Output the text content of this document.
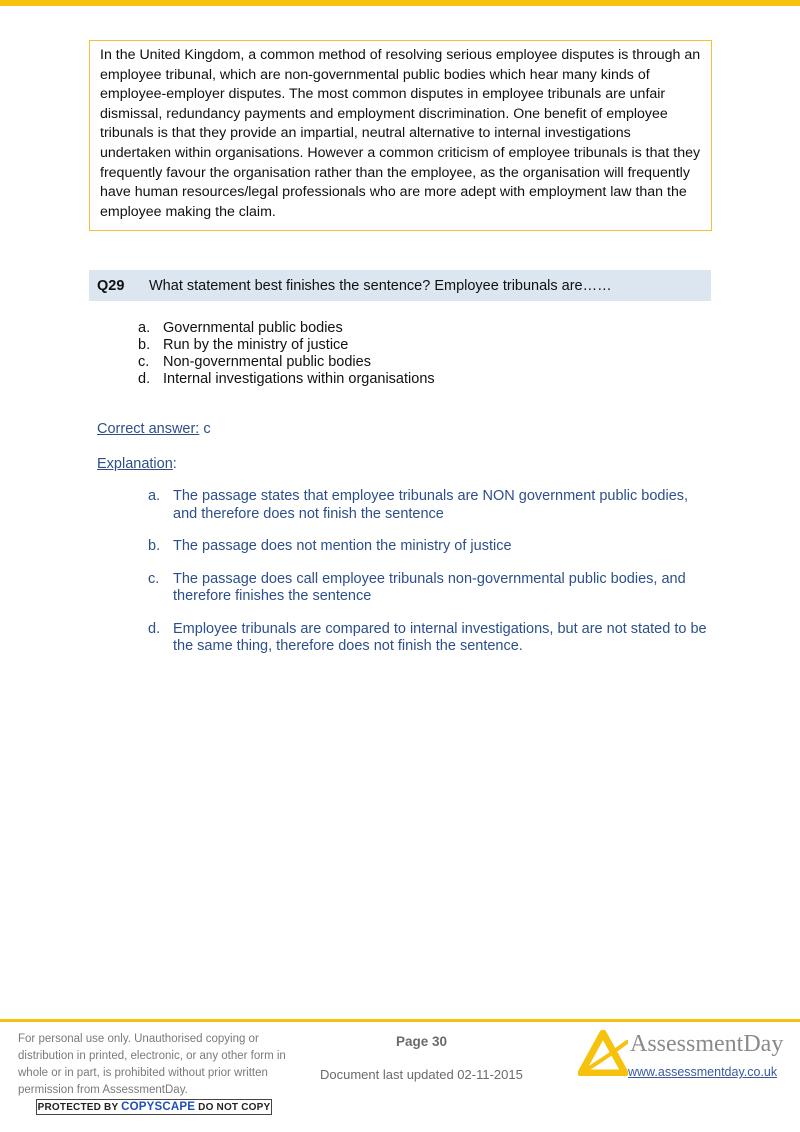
In the United Kingdom, a common method of resolving serious employee disputes is through an employee tribunal, which are non-governmental public bodies which hear many kinds of employee-employer disputes. The most common disputes in employee tribunals are unfair dismissal, redundancy payments and employment discrimination. One benefit of employee tribunals is that they provide an impartial, neutral alternative to internal investigations undertaken within organisations. However a common criticism of employee tribunals is that they frequently favour the organisation rather than the employee, as the organisation will frequently have human resources/legal professionals who are more adept with employment law than the employee making the claim.
Q29	What statement best finishes the sentence? Employee tribunals are……
a. Governmental public bodies
b. Run by the ministry of justice
c. Non-governmental public bodies
d. Internal investigations within organisations
Correct answer: c
Explanation:
a. The passage states that employee tribunals are NON government public bodies, and therefore does not finish the sentence
b. The passage does not mention the ministry of justice
c. The passage does call employee tribunals non-governmental public bodies, and therefore finishes the sentence
d. Employee tribunals are compared to internal investigations, but are not stated to be the same thing, therefore does not finish the sentence.
For personal use only. Unauthorised copying or distribution in printed, electronic, or any other form in whole or in part, is prohibited without prior written permission from AssessmentDay.
PROTECTED BY COPYSCAPE DO NOT COPY
Page 30
Document last updated 02-11-2015
AssessmentDay
www.assessmentday.co.uk
